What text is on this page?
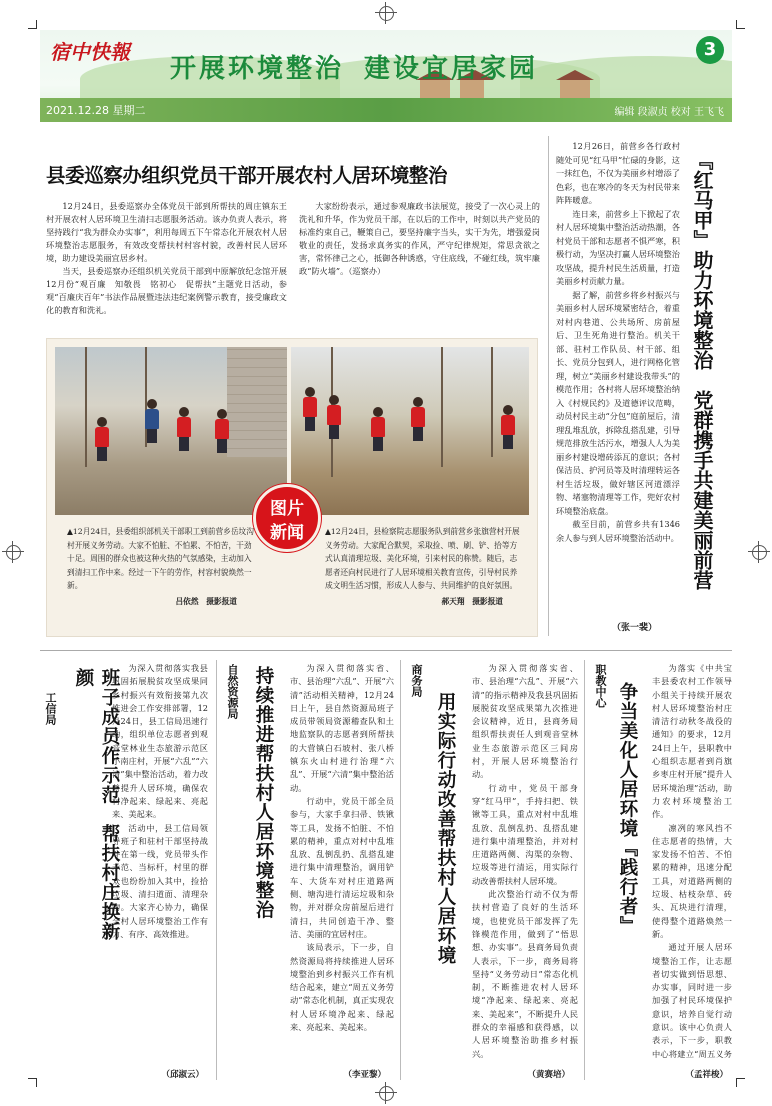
宿中快報
开展环境整治 建设宜居家园
3
2021.12.28 星期二	编辑 段淑贞 校对 王飞飞
县委巡察办组织党员干部开展农村人居环境整治

12月24日，县委巡察办全体党员干部到所帮扶的周庄镇东王村开展农村人居环境卫生清扫志愿服务活动。该办负责人表示，将坚持践行“我为群众办实事”，利用每周五下午常态化开展农村人居环境整治志愿服务，有效改变帮扶村村容村貌，改善村民人居环境，助力建设美丽宜居乡村。

当天，县委巡察办还组织机关党员干部到中原解放纪念馆开展12月份“观百廉　知敬畏　铭初心　促帮扶”主题党日活动，参观“百廉庆百年”书法作品展暨违法违纪案例警示教育，接受廉政文化的教育和洗礼。

大家纷纷表示，通过参观廉政书法展览，接受了一次心灵上的洗礼和升华，作为党员干部，在以后的工作中，时刻以共产党员的标准约束自己，鞭策自己，要坚持廉字当头，实干为先，增强爱岗敬业的责任，发扬求真务实的作风，严守纪律规矩，常思贪欲之害，常怀律己之心，抵御各种诱惑，守住底线，不碰红线，筑牢廉政“防火墙”。（巡察办）

图片
新闻
▲12月24日，县委组织部机关干部职工到前营乡岳坟沟村开展义务劳动。大家不怕脏、不怕累、不怕苦，干劲十足。周围的群众也被这种火热的气氛感染，主动加入到清扫工作中来。经过一下午的劳作，村容村貌焕然一新。
吕依然　摄影报道
▲12月24日，县检察院志愿服务队到前营乡张旗营村开展义务劳动。大家配合默契，采取捡、喷、刷、铲、拾等方式认真清理垃圾、美化环境，引来村民的称赞。随后，志愿者还向村民进行了人居环境相关教育宣传，引导村民养成文明生活习惯，形成人人参与、共同维护的良好氛围。
郝天翔　摄影报道

12月26日，前营乡各行政村随处可见“红马甲”忙碌的身影，这一抹红色，不仅为美丽乡村增添了色彩，也在寒冷的冬天为村民带来阵阵暖意。

连日来，前营乡上下掀起了农村人居环境集中整治活动热潮，各村党员干部和志愿者不惧严寒，积极行动，为坚决打赢人居环境整治攻坚战，提升村民生活质量，打造美丽乡村贡献力量。

据了解，前营乡将乡村振兴与美丽乡村人居环境紧密结合，着重对村内巷道、公共场所、房前屋后、卫生死角进行整治。机关干部、驻村工作队员、村干部、组长、党员分包到人，进行网格化管理，树立“美丽乡村建设我带头”的模范作用；各村将人居环境整治纳入《村规民约》及道德评议范畴，动员村民主动“分包”庭前屋后，清理乱堆乱放，拆除乱搭乱建，引导规范排放生活污水，增强人人为美丽乡村建设增砖添瓦的意识；各村保洁员、护河员等及时清理转运各村生活垃圾，做好辖区河道漂浮物、堵塞物清理等工作，兜好农村环境整治底盘。

截至目前，前营乡共有1346余人参与到人居环境整治活动中。 『红马甲』助力环境整治　党群携手共建美丽前营
（张一裴）
工信局	班子成员作示范　帮扶村庄换新颜	为深入贯彻落实我县巩固拓展脱贫攻坚成果同乡村振兴有效衔接第九次推进会工作安排部署，12月24日，县工信局迅速行动，组织单位志愿者到观音堂林业生态旅游示范区小南庄村，开展“六乱”“六清”集中整治活动，着力改善提升人居环境，确保农村净起来、绿起来、亮起来、美起来。

活动中，县工信局领导班子和驻村干部坚持战斗在第一线，党员带头作示范、当标杆，村里的群众也纷纷加入其中，捡拾垃圾、清扫道面、清理杂物。大家齐心协力，确保全村人居环境整治工作有力、有序、高效推进。

（邱淑云）
自然资源局 持续推进帮扶村人居环境整治	为深入贯彻落实省、市、县治理“六乱”、开展“六清”活动相关精神，12月24日上午，县自然资源局班子成员带领局资源稽查队和土地监察队的志愿者到所帮扶的大营镇白石坡村、张八桥镇东火山村进行治理“六乱”、开展“六清”集中整治活动。

行动中，党员干部全员参与，大家手拿扫帚、铁锹等工具，发扬不怕脏、不怕累的精神，重点对村中乱堆乱放、乱倒乱扔、乱搭乱建进行集中清理整治，调用铲车、大货车对村庄道路两侧、塘沟进行清运垃圾和杂物，并对群众房前屋后进行清扫，共同创造干净、整洁、美丽的宜居村庄。

该局表示，下一步，自然资源局将持续推进人居环境整治到乡村振兴工作有机结合起来，建立“周五义务劳动”常态化机制，真正实现农村人居环境净起来、绿起来、亮起来、美起来。

（李亚黎）
商务局
用实际行动改善帮扶村人居环境

为深入贯彻落实省、市、县治理“六乱”、开展“六清”的指示精神及我县巩固拓展脱贫攻坚成果第九次推进会议精神，近日，县商务局组织帮扶责任人到观音堂林业生态旅游示范区三间房村，开展人居环境整治行动。

行动中，党员干部身穿“红马甲”，手持扫把、铁锹等工具，重点对村中乱堆乱放、乱倒乱扔、乱搭乱建进行集中清理整治，并对村庄道路两侧、沟渠的杂物、垃圾等进行清运，用实际行动改善帮扶村人居环境。

此次整治行动不仅为帮扶村营造了良好的生活环境，也使党员干部发挥了先锋模范作用，做到了“悟思想、办实事”。县商务局负责人表示，下一步，商务局将坚持“义务劳动日”常态化机制，不断推进农村人居环境“净起来、绿起来、亮起来、美起来”，不断提升人民群众的幸福感和获得感，以人居环境整治助推乡村振兴。

（黄赛培）
职教中心 争当美化人居环境『践行者』

为落实《中共宝丰县委农村工作领导小组关于持续开展农村人居环境整治村庄清洁行动秋冬战役的通知》的要求，12月24日上午，县职教中心组织志愿者到肖旗乡枣庄村开展“提升人居环境治理”活动，助力农村环境整治工作。

凛冽的寒风挡不住志愿者的热情，大家发扬不怕苦、不怕累的精神，迅速分配工具，对道路两侧的垃圾、枯枝杂草、砖头、瓦块进行清理，使得整个道路焕然一新。

通过开展人居环境整治工作，让志愿者切实做到悟思想、办实事，同时进一步加强了村民环境保护意识，培养自觉行动意识。该中心负责人表示，下一步，职教中心将建立“周五义务

（孟祥梭）
